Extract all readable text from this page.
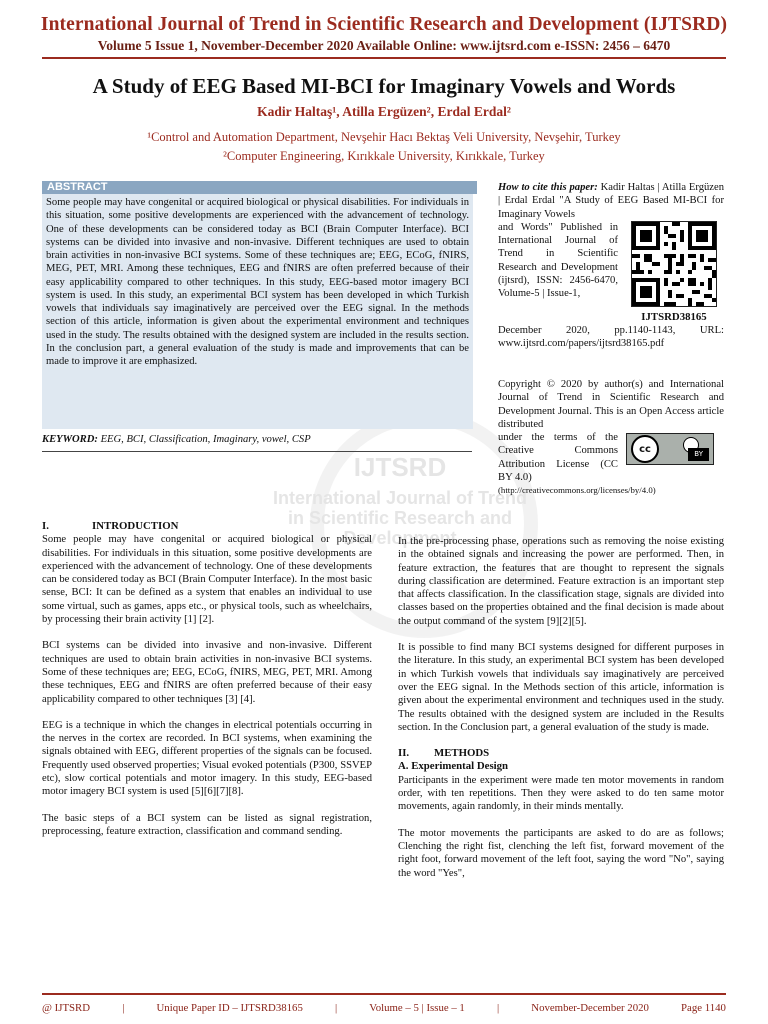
International Journal of Trend in Scientific Research and Development (IJTSRD)
Volume 5 Issue 1, November-December 2020 Available Online: www.ijtsrd.com e-ISSN: 2456 – 6470
A Study of EEG Based MI-BCI for Imaginary Vowels and Words
Kadir Haltaş¹, Atilla Ergüzen², Erdal Erdal²
¹Control and Automation Department, Nevşehir Hacı Bektaş Veli University, Nevşehir, Turkey
²Computer Engineering, Kırıkkale University, Kırıkkale, Turkey
IJTSRD
International Journal of Trend in Scientific Research and Development
ABSTRACT
Some people may have congenital or acquired biological or physical disabilities. For individuals in this situation, some positive developments are experienced with the advancement of technology. One of these developments can be considered today as BCI (Brain Computer Interface). BCI systems can be divided into invasive and non-invasive. Different techniques are used to obtain brain activities in non-invasive BCI systems. Some of these techniques are; EEG, ECoG, fNIRS, MEG, PET, MRI. Among these techniques, EEG and fNIRS are often preferred because of their easy applicability compared to other techniques. In this study, EEG-based motor imagery BCI system is used. In this study, an experimental BCI system has been developed in which Turkish vowels that individuals say imaginatively are perceived over the EEG signal. In the methods section of this article, information is given about the experimental environment and techniques used in the study. The results obtained with the designed system are included in the results section. In the conclusion part, a general evaluation of the study is made and improvements that can be made to improve it are emphasized.
KEYWORD: EEG, BCI, Classification, Imaginary, vowel, CSP
How to cite this paper: Kadir Haltas | Atilla Ergüzen | Erdal Erdal "A Study of EEG Based MI-BCI for Imaginary Vowels
and Words" Published in International Journal of Trend in Scientific Research and Development (ijtsrd), ISSN: 2456-6470, Volume-5 | Issue-1,
IJTSRD38165
December 2020, pp.1140-1143, URL: www.ijtsrd.com/papers/ijtsrd38165.pdf
Copyright © 2020 by author(s) and International Journal of Trend in Scientific Research and Development Journal. This is an Open Access article distributed
under the terms of the Creative Commons Attribution License (CC BY 4.0)
cc	BY
(http://creativecommons.org/licenses/by/4.0)
I.	INTRODUCTION

Some people may have congenital or acquired biological or physical disabilities. For individuals in this situation, some positive developments are experienced with the advancement of technology. One of these developments can be considered today as BCI (Brain Computer Interface). In the most basic sense, BCI: It can be defined as a system that enables an individual to use some virtual, such as games, apps etc., or physical tools, such as wheelchairs, by processing their brain activity [1] [2].

BCI systems can be divided into invasive and non-invasive. Different techniques are used to obtain brain activities in non-invasive BCI systems. Some of these techniques are; EEG, ECoG, fNIRS, MEG, PET, MRI. Among these techniques, EEG and fNIRS are often preferred because of their easy applicability compared to other techniques [3] [4].

EEG is a technique in which the changes in electrical potentials occurring in the nerves in the cortex are recorded. In BCI systems, when examining the signals obtained with EEG, different properties of the signals can be focused. Frequently used observed properties; Visual evoked potentials (P300, SSVEP etc), slow cortical potentials and motor imagery. In this study, EEG-based motor imagery BCI system is used [5][6][7][8].

The basic steps of a BCI system can be listed as signal registration, preprocessing, feature extraction, classification and command sending.

In the pre-processing phase, operations such as removing the noise existing in the obtained signals and increasing the power are performed. Then, in feature extraction, the features that are thought to represent the signals during classification are determined. Feature extraction is an important step that affects classification. In the classification stage, signals are divided into classes based on the properties obtained and the final decision is made about the output command of the system [9][2][5].

It is possible to find many BCI systems designed for different purposes in the literature. In this study, an experimental BCI system has been developed in which Turkish vowels that individuals say imaginatively are perceived over the EEG signal. In the Methods section of this article, information is given about the experimental environment and techniques used in the study. The results obtained with the designed system are included in the Results section. In the Conclusion part, a general evaluation of the study is made.

II. METHODS
A. Experimental Design

Participants in the experiment were made ten motor movements in random order, with ten repetitions. Then they were asked to do ten same motor movements, again randomly, in their minds mentally.

The motor movements the participants are asked to do are as follows; Clenching the right fist, clenching the left fist, forward movement of the right foot, forward movement of the left foot, saying the word "No", saying the word "Yes",

@ IJTSRD	|	Unique Paper ID – IJTSRD38165	|	Volume – 5 | Issue – 1	|	November-December 2020	Page 1140
